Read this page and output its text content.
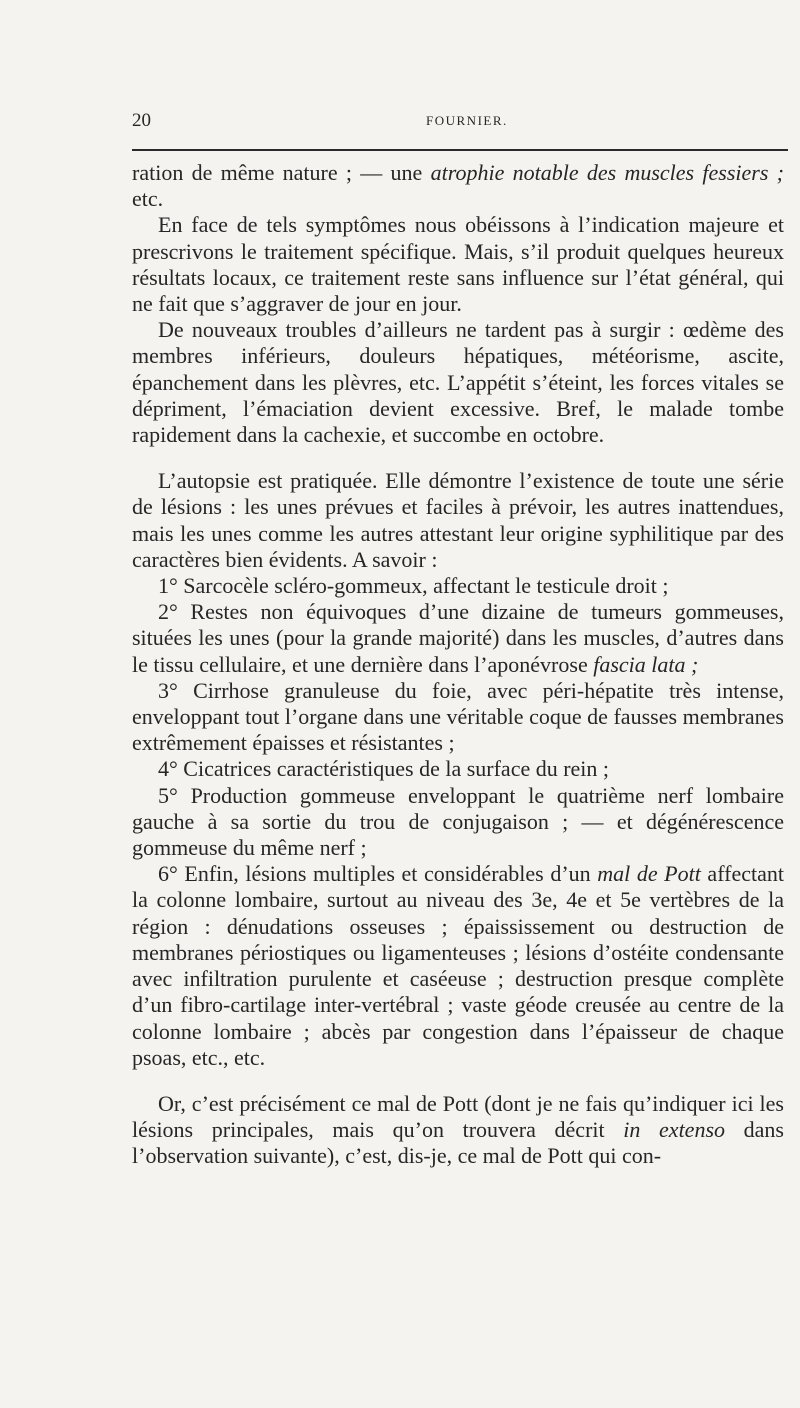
20	FOURNIER.

ration de même nature ; — une atrophie notable des muscles fessiers ; etc.

En face de tels symptômes nous obéissons à l’indication majeure et prescrivons le traitement spécifique. Mais, s’il produit quelques heureux résultats locaux, ce traitement reste sans influence sur l’état général, qui ne fait que s’aggraver de jour en jour.

De nouveaux troubles d’ailleurs ne tardent pas à surgir : œdème des membres inférieurs, douleurs hépatiques, météorisme, ascite, épanchement dans les plèvres, etc. L’appétit s’éteint, les forces vitales se dépriment, l’émaciation devient excessive. Bref, le malade tombe rapidement dans la cachexie, et succombe en octobre.

L’autopsie est pratiquée. Elle démontre l’existence de toute une série de lésions : les unes prévues et faciles à prévoir, les autres inattendues, mais les unes comme les autres attestant leur origine syphilitique par des caractères bien évidents. A savoir :

1° Sarcocèle scléro-gommeux, affectant le testicule droit ;

2° Restes non équivoques d’une dizaine de tumeurs gommeuses, situées les unes (pour la grande majorité) dans les muscles, d’autres dans le tissu cellulaire, et une dernière dans l’aponévrose fascia lata ;

3° Cirrhose granuleuse du foie, avec péri-hépatite très intense, enveloppant tout l’organe dans une véritable coque de fausses membranes extrêmement épaisses et résistantes ;

4° Cicatrices caractéristiques de la surface du rein ;

5° Production gommeuse enveloppant le quatrième nerf lombaire gauche à sa sortie du trou de conjugaison ; — et dégénérescence gommeuse du même nerf ;

6° Enfin, lésions multiples et considérables d’un mal de Pott affectant la colonne lombaire, surtout au niveau des 3e, 4e et 5e vertèbres de la région : dénudations osseuses ; épaississement ou destruction de membranes périostiques ou ligamenteuses ; lésions d’ostéite condensante avec infiltration purulente et caséeuse ; destruction presque complète d’un fibro-cartilage inter-vertébral ; vaste géode creusée au centre de la colonne lombaire ; abcès par congestion dans l’épaisseur de chaque psoas, etc., etc.

Or, c’est précisément ce mal de Pott (dont je ne fais qu’indiquer ici les lésions principales, mais qu’on trouvera décrit in extenso dans l’observation suivante), c’est, dis-je, ce mal de Pott qui con-
